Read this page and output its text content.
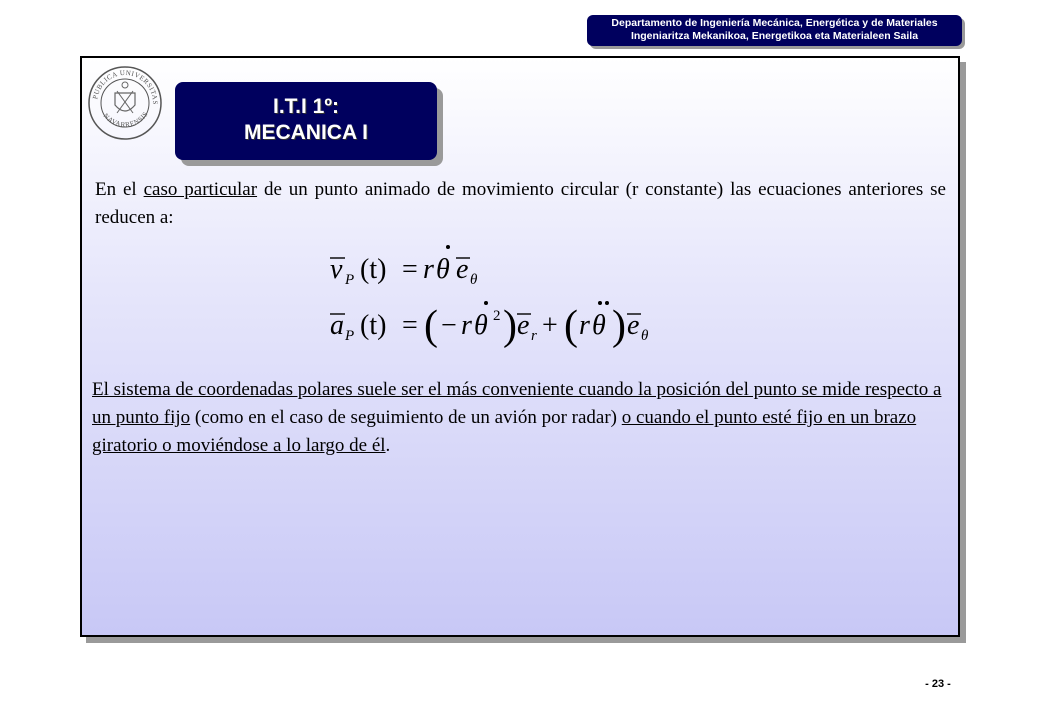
Departamento de Ingeniería Mecánica, Energética y de Materiales
Ingeniaritza Mekanikoa, Energetikoa eta Materialeen Saila
PUBLICA UNIVERSITAS
NAVARRENSIS	I.T.I 1º:
MECANICA I
En el caso particular de un punto animado de movimiento circular (r constante) las ecuaciones anteriores se reducen a:
v P (t) = r θ e θ
a P (t) = ( − r θ 2 ) e r + ( r θ ) e θ
El sistema de coordenadas polares suele ser el más conveniente cuando la posición del punto se mide respecto a un punto fijo (como en el caso de seguimiento de un avión por radar) o cuando el punto esté fijo en un brazo giratorio o moviéndose a lo largo de él.
- 23 -
